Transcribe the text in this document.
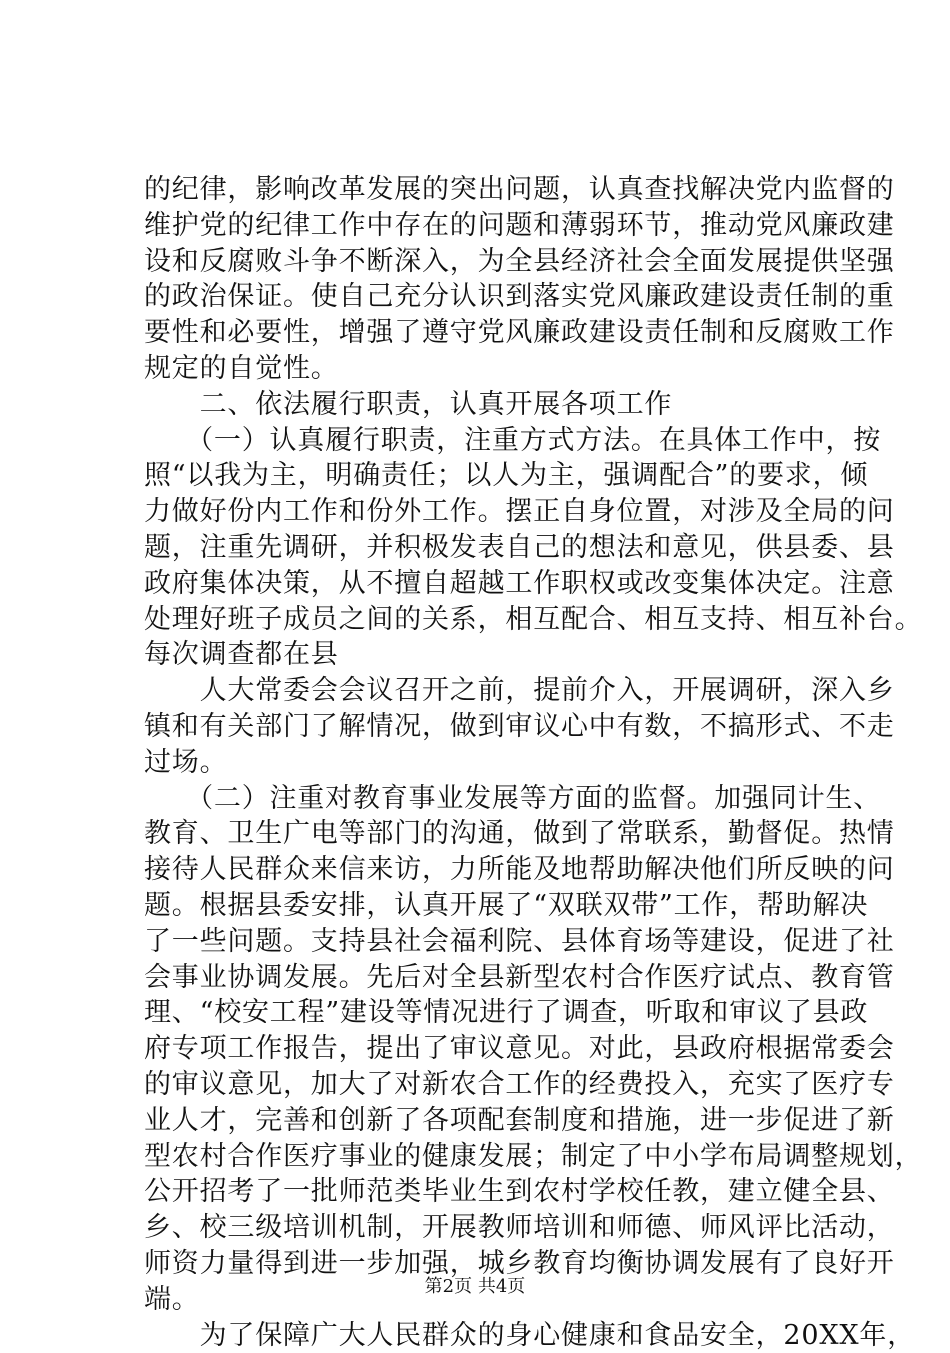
的纪律，影响改革发展的突出问题，认真查找解决党内监督的
维护党的纪律工作中存在的问题和薄弱环节，推动党风廉政建
设和反腐败斗争不断深入，为全县经济社会全面发展提供坚强
的政治保证。使自己充分认识到落实党风廉政建设责任制的重
要性和必要性，增强了遵守党风廉政建设责任制和反腐败工作
规定的自觉性。
　　二、依法履行职责，认真开展各项工作
　　（一）认真履行职责，注重方式方法。在具体工作中，按
照“以我为主，明确责任；以人为主，强调配合”的要求，倾
力做好份内工作和份外工作。摆正自身位置，对涉及全局的问
题，注重先调研，并积极发表自己的想法和意见，供县委、县
政府集体决策，从不擅自超越工作职权或改变集体决定。注意
处理好班子成员之间的关系，相互配合、相互支持、相互补台。
每次调查都在县
　　人大常委会会议召开之前，提前介入，开展调研，深入乡
镇和有关部门了解情况，做到审议心中有数，不搞形式、不走
过场。
　　（二）注重对教育事业发展等方面的监督。加强同计生、
教育、卫生广电等部门的沟通，做到了常联系，勤督促。热情
接待人民群众来信来访，力所能及地帮助解决他们所反映的问
题。根据县委安排，认真开展了“双联双带”工作，帮助解决
了一些问题。支持县社会福利院、县体育场等建设，促进了社
会事业协调发展。先后对全县新型农村合作医疗试点、教育管
理、“校安工程”建设等情况进行了调查，听取和审议了县政
府专项工作报告，提出了审议意见。对此，县政府根据常委会
的审议意见，加大了对新农合工作的经费投入，充实了医疗专
业人才，完善和创新了各项配套制度和措施，进一步促进了新
型农村合作医疗事业的健康发展；制定了中小学布局调整规划，
公开招考了一批师范类毕业生到农村学校任教，建立健全县、
乡、校三级培训机制，开展教师培训和师德、师风评比活动，
师资力量得到进一步加强，城乡教育均衡协调发展有了良好开
端。
　　为了保障广大人民群众的身心健康和食品安全，20XX年，
第2页 共4页
